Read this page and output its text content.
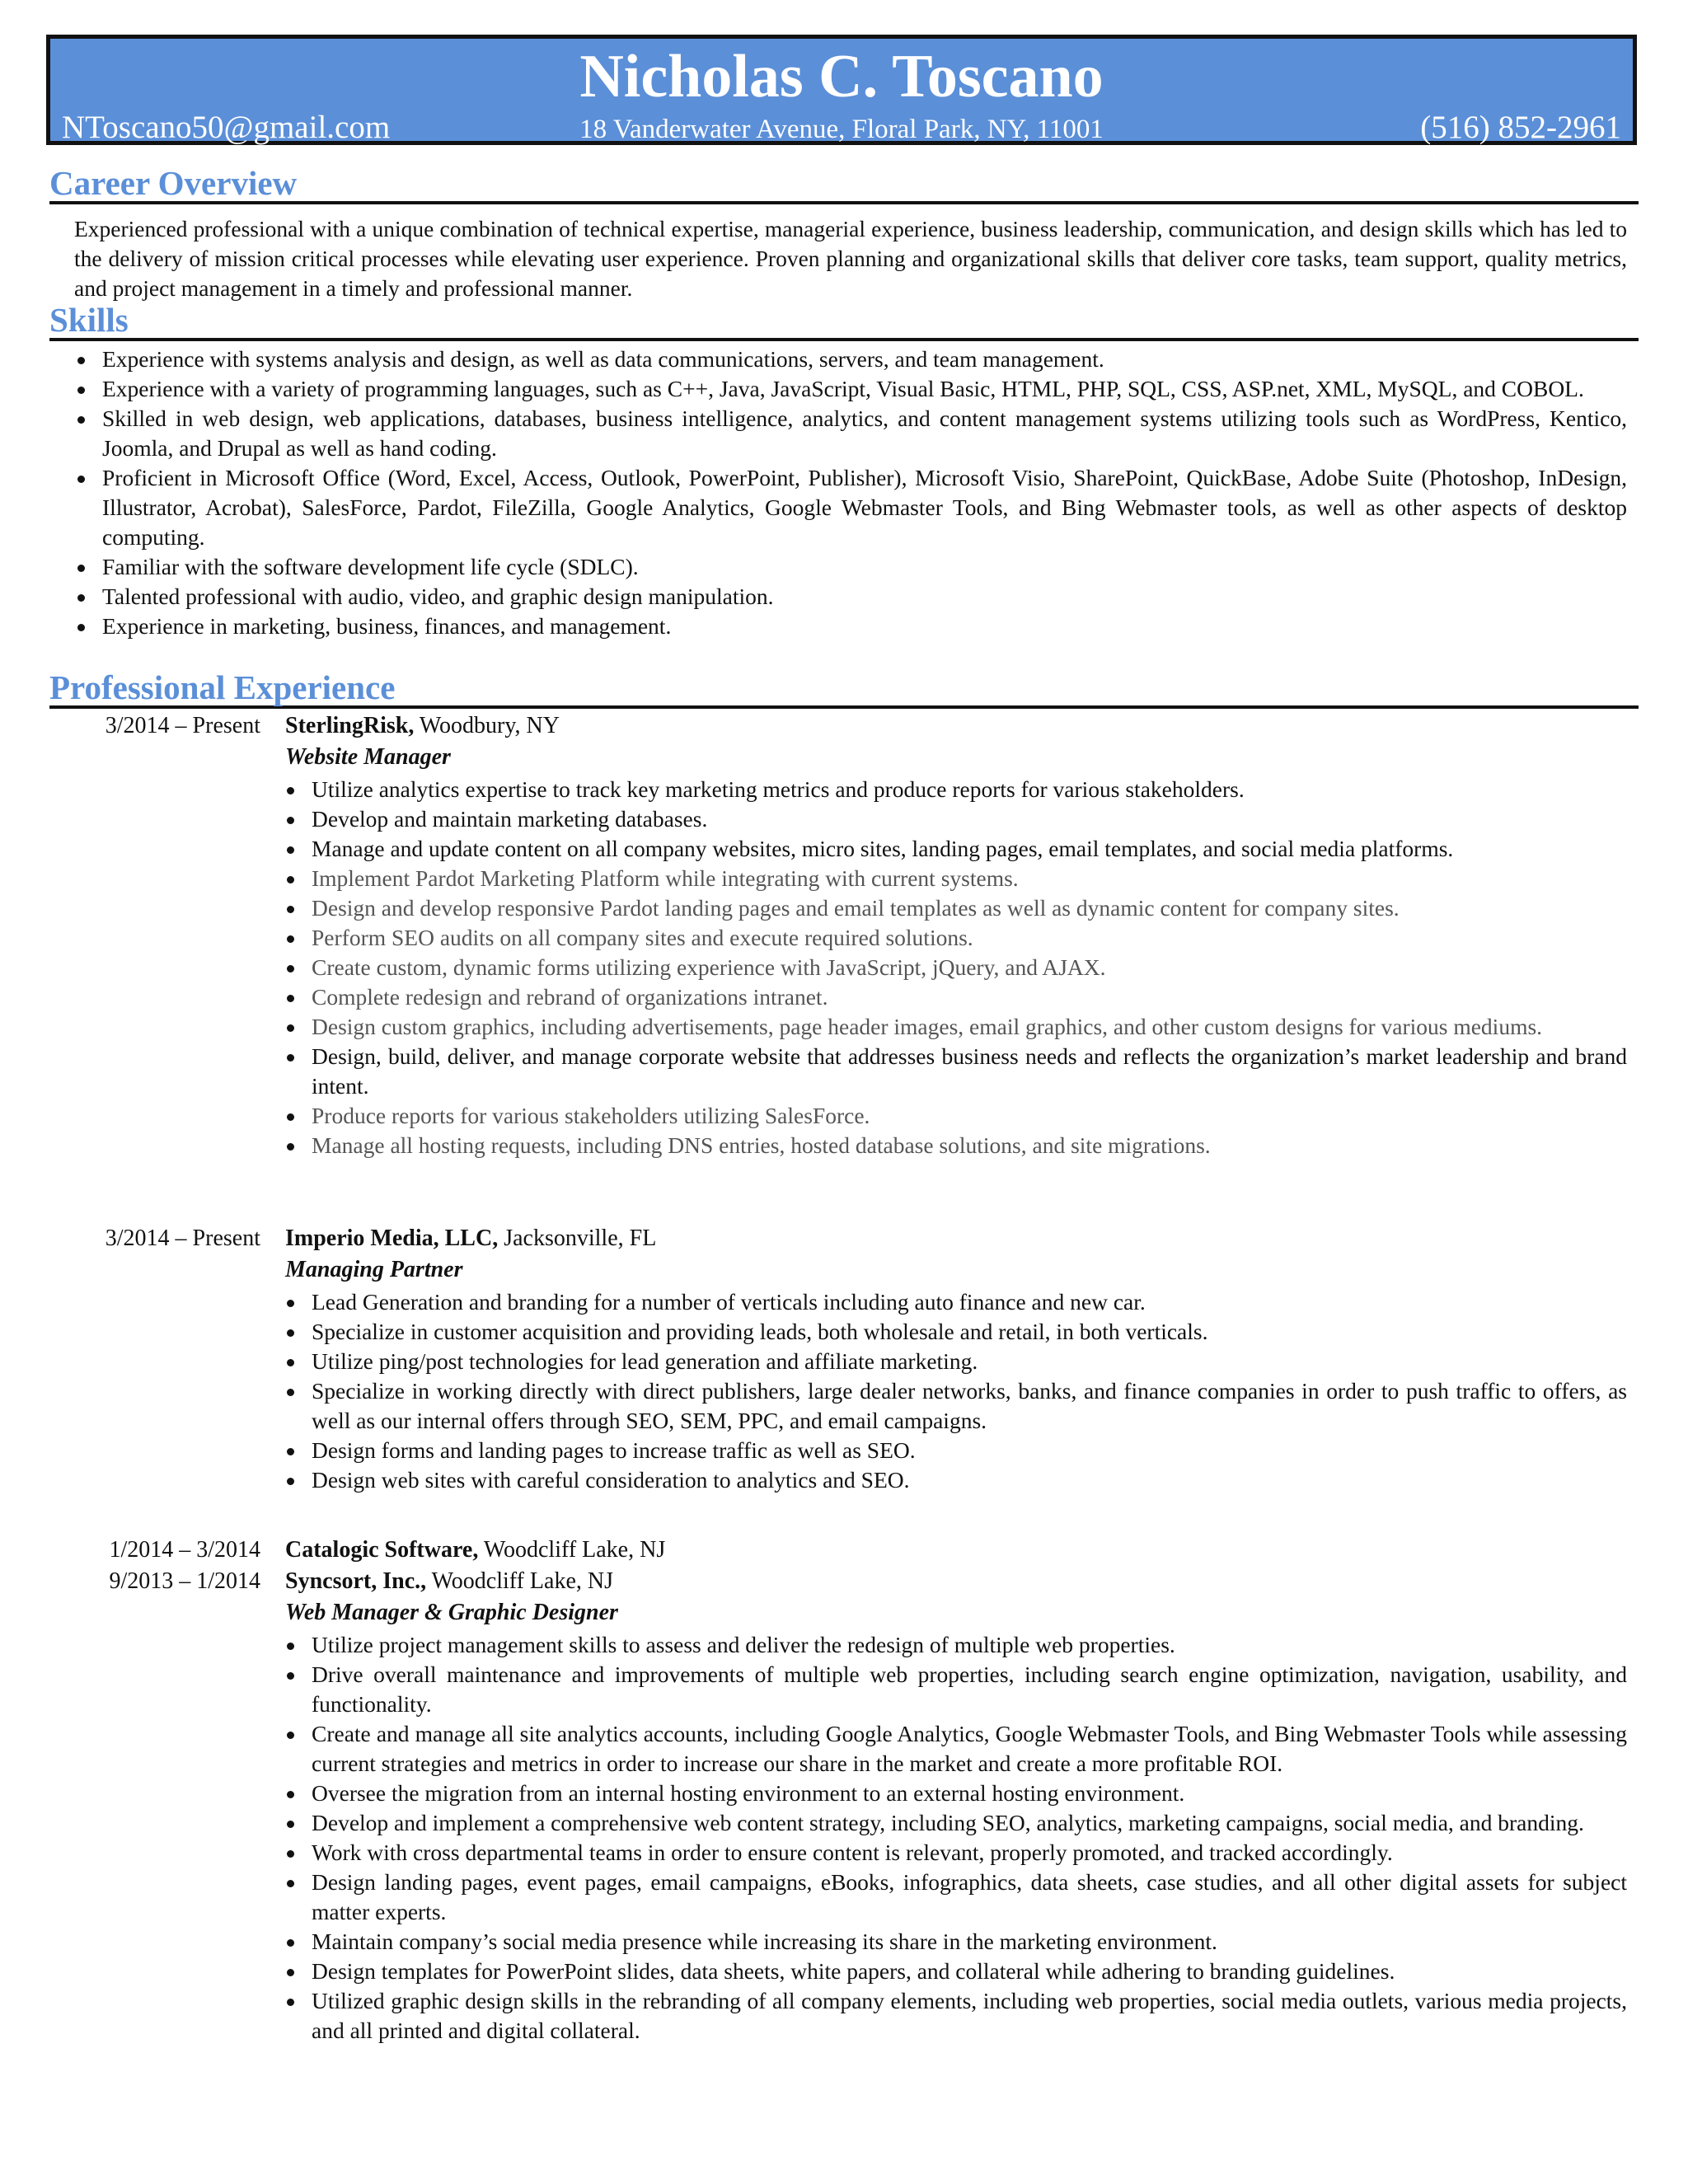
Nicholas C. Toscano
NToscano50@gmail.com	18 Vanderwater Avenue, Floral Park, NY, 11001	(516) 852-2961
Career Overview

Experienced professional with a unique combination of technical expertise, managerial experience, business leadership, communication, and design skills which has led to the delivery of mission critical processes while elevating user experience. Proven planning and organizational skills that deliver core tasks, team support, quality metrics, and project management in a timely and professional manner.

Skills
Experience with systems analysis and design, as well as data communications, servers, and team management.
Experience with a variety of programming languages, such as C++, Java, JavaScript, Visual Basic, HTML, PHP, SQL, CSS, ASP.net, XML, MySQL, and COBOL.
Skilled in web design, web applications, databases, business intelligence, analytics, and content management systems utilizing tools such as WordPress, Kentico, Joomla, and Drupal as well as hand coding.
Proficient in Microsoft Office (Word, Excel, Access, Outlook, PowerPoint, Publisher), Microsoft Visio, SharePoint, QuickBase, Adobe Suite (Photoshop, InDesign, Illustrator, Acrobat), SalesForce, Pardot, FileZilla, Google Analytics, Google Webmaster Tools, and Bing Webmaster tools, as well as other aspects of desktop computing.
Familiar with the software development life cycle (SDLC).
Talented professional with audio, video, and graphic design manipulation.
Experience in marketing, business, finances, and management.
Professional Experience
3/2014 – Present SterlingRisk, Woodbury, NY
Website Manager
Utilize analytics expertise to track key marketing metrics and produce reports for various stakeholders.
Develop and maintain marketing databases.
Manage and update content on all company websites, micro sites, landing pages, email templates, and social media platforms.
Implement Pardot Marketing Platform while integrating with current systems.
Design and develop responsive Pardot landing pages and email templates as well as dynamic content for company sites.
Perform SEO audits on all company sites and execute required solutions.
Create custom, dynamic forms utilizing experience with JavaScript, jQuery, and AJAX.
Complete redesign and rebrand of organizations intranet.
Design custom graphics, including advertisements, page header images, email graphics, and other custom designs for various mediums.
Design, build, deliver, and manage corporate website that addresses business needs and reflects the organization’s market leadership and brand intent.
Produce reports for various stakeholders utilizing SalesForce.
Manage all hosting requests, including DNS entries, hosted database solutions, and site migrations.
3/2014 – Present Imperio Media, LLC, Jacksonville, FL
Managing Partner
Lead Generation and branding for a number of verticals including auto finance and new car.
Specialize in customer acquisition and providing leads, both wholesale and retail, in both verticals.
Utilize ping/post technologies for lead generation and affiliate marketing.
Specialize in working directly with direct publishers, large dealer networks, banks, and finance companies in order to push traffic to offers, as well as our internal offers through SEO, SEM, PPC, and email campaigns.
Design forms and landing pages to increase traffic as well as SEO.
Design web sites with careful consideration to analytics and SEO.
1/2014 – 3/2014 Catalogic Software, Woodcliff Lake, NJ
9/2013 – 1/2014 Syncsort, Inc., Woodcliff Lake, NJ
Web Manager & Graphic Designer
Utilize project management skills to assess and deliver the redesign of multiple web properties.
Drive overall maintenance and improvements of multiple web properties, including search engine optimization, navigation, usability, and functionality.
Create and manage all site analytics accounts, including Google Analytics, Google Webmaster Tools, and Bing Webmaster Tools while assessing current strategies and metrics in order to increase our share in the market and create a more profitable ROI.
Oversee the migration from an internal hosting environment to an external hosting environment.
Develop and implement a comprehensive web content strategy, including SEO, analytics, marketing campaigns, social media, and branding.
Work with cross departmental teams in order to ensure content is relevant, properly promoted, and tracked accordingly.
Design landing pages, event pages, email campaigns, eBooks, infographics, data sheets, case studies, and all other digital assets for subject matter experts.
Maintain company’s social media presence while increasing its share in the marketing environment.
Design templates for PowerPoint slides, data sheets, white papers, and collateral while adhering to branding guidelines.
Utilized graphic design skills in the rebranding of all company elements, including web properties, social media outlets, various media projects, and all printed and digital collateral.
